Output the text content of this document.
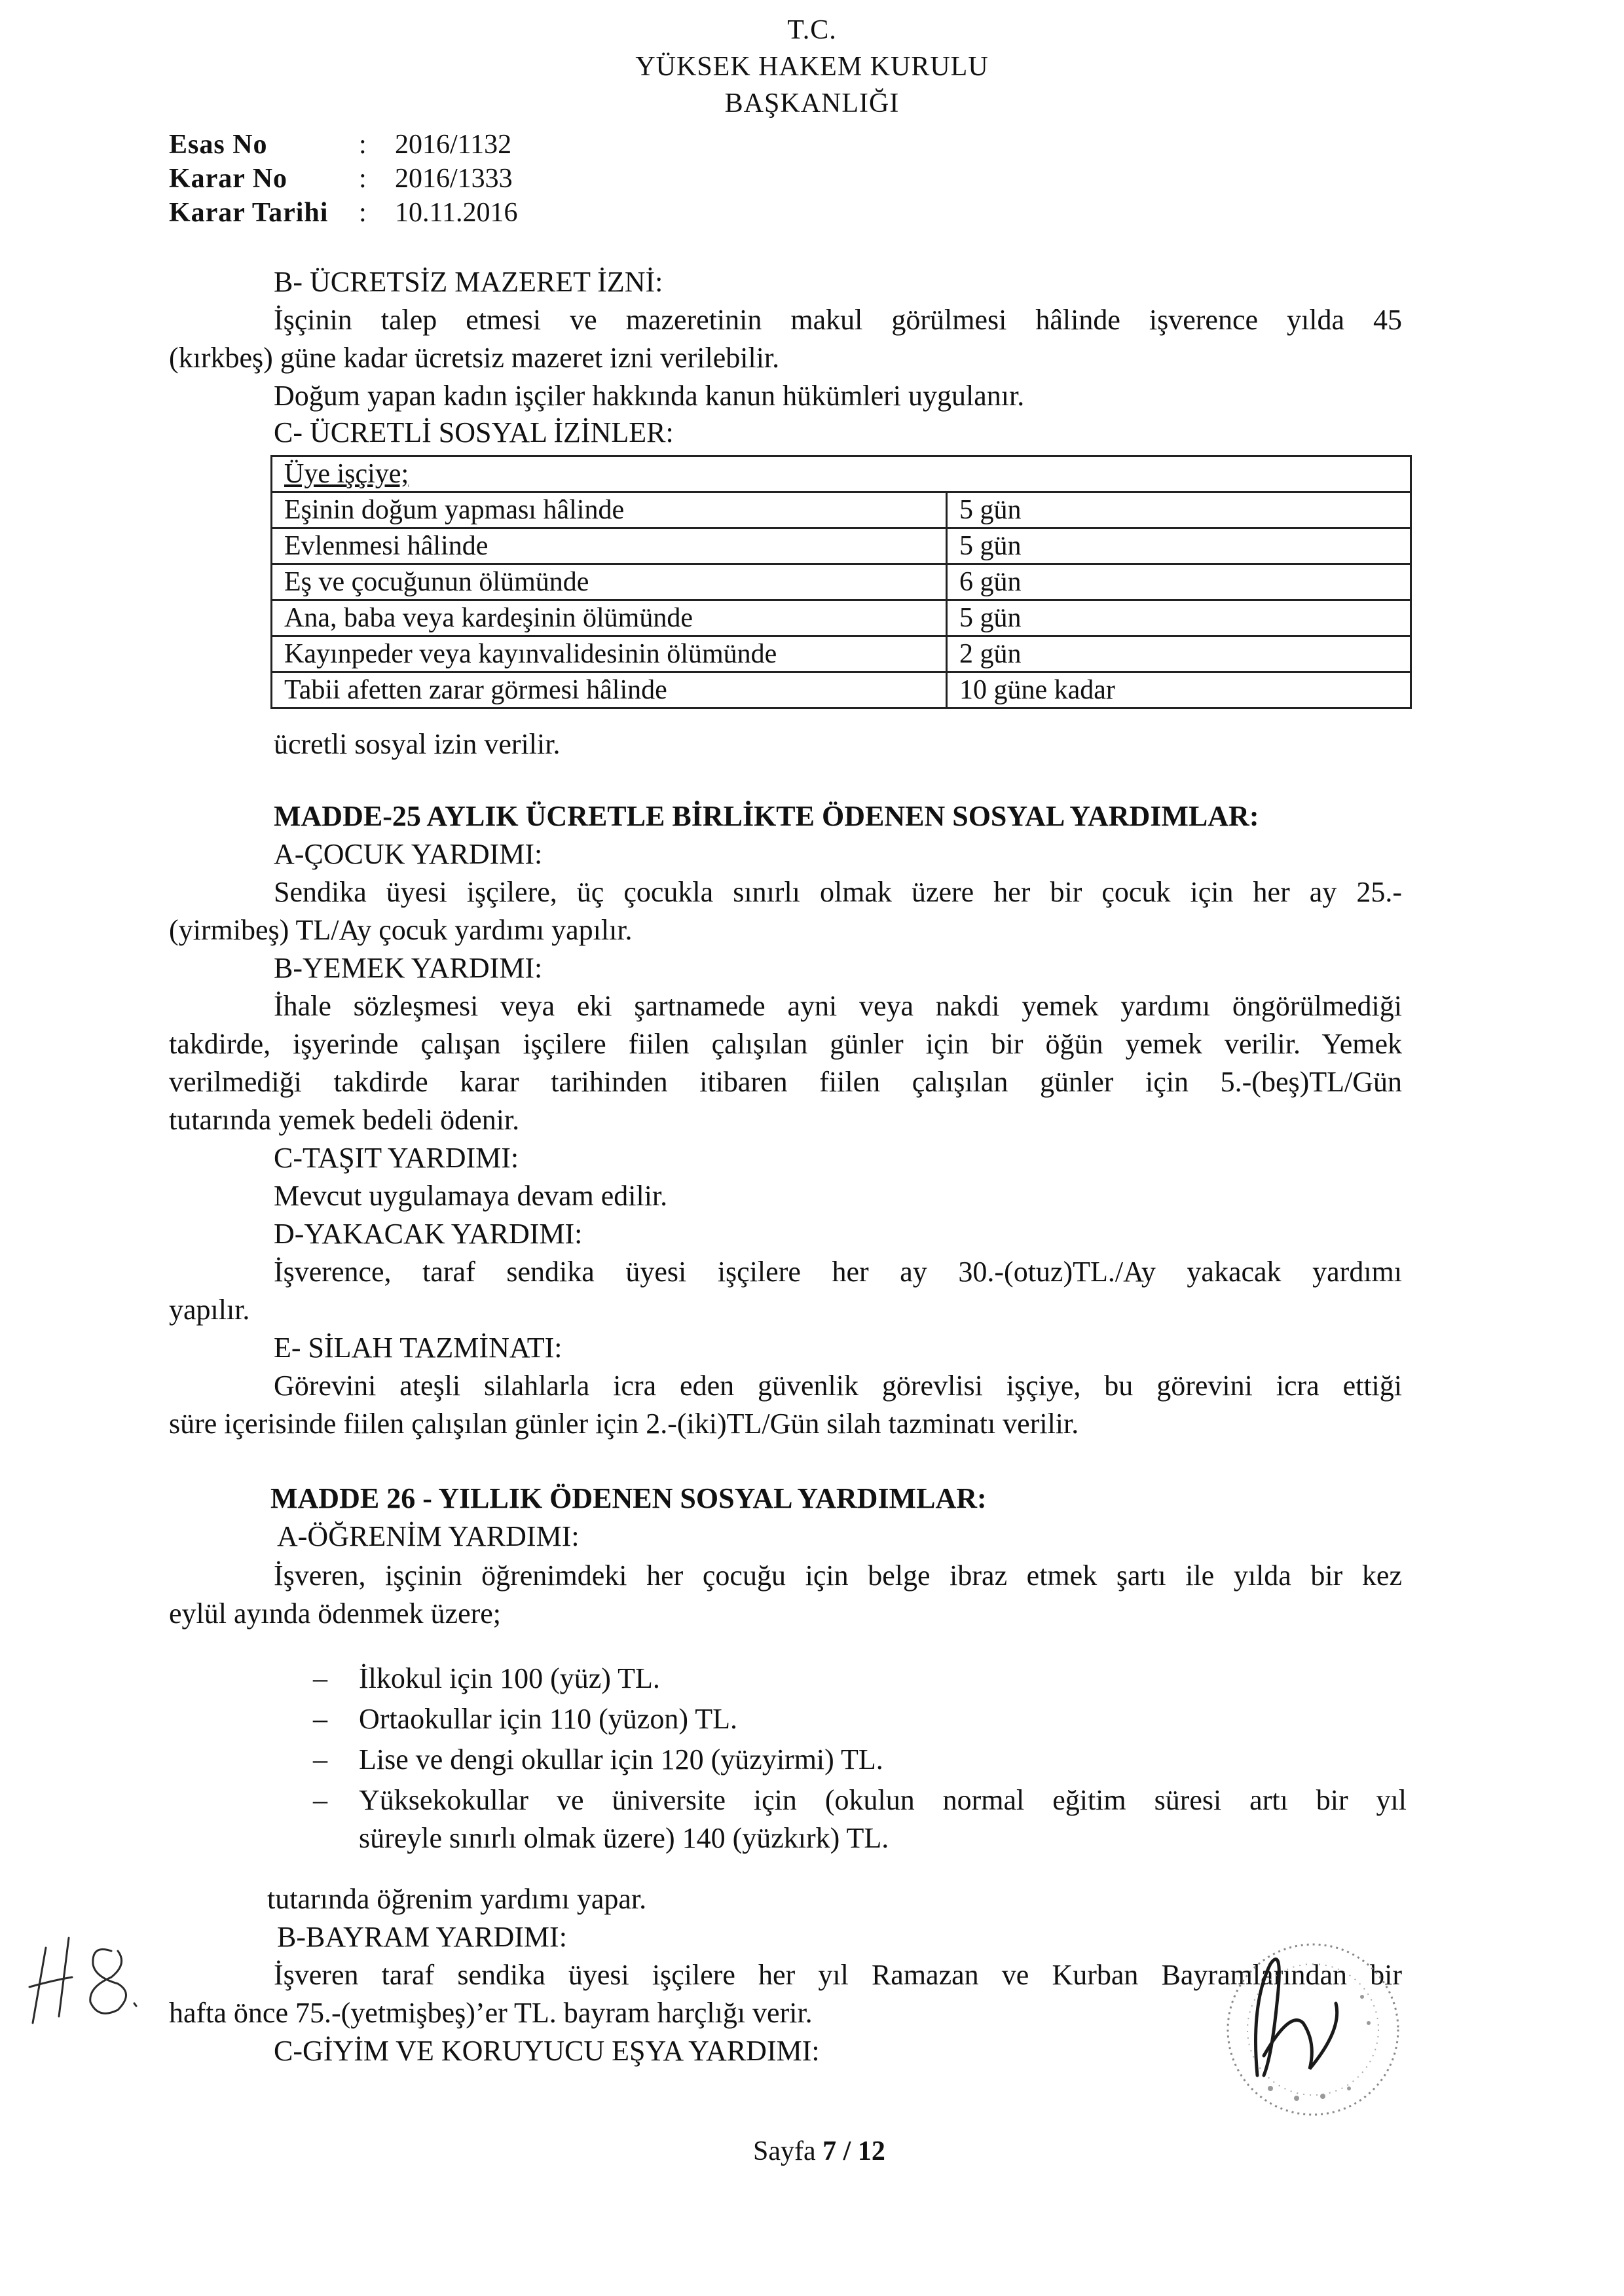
T.C.
YÜKSEK HAKEM KURULU
BAŞKANLIĞI
Esas No	:	2016/1132
Karar No	:	2016/1333
Karar Tarihi	:	10.11.2016
B- ÜCRETSİZ MAZERET İZNİ:
İşçinin talep etmesi ve mazeretinin makul görülmesi hâlinde işverence yılda 45
(kırkbeş) güne kadar ücretsiz mazeret izni verilebilir.
Doğum yapan kadın işçiler hakkında kanun hükümleri uygulanır.
C- ÜCRETLİ SOSYAL İZİNLER:
Üye işçiye;	
Eşinin doğum yapması hâlinde	5 gün
Evlenmesi hâlinde	5 gün
Eş ve çocuğunun ölümünde	6 gün
Ana, baba veya kardeşinin ölümünde	5 gün
Kayınpeder veya kayınvalidesinin ölümünde	2 gün
Tabii afetten zarar görmesi hâlinde	10 güne kadar
ücretli sosyal izin verilir.
MADDE-25 AYLIK ÜCRETLE BİRLİKTE ÖDENEN SOSYAL YARDIMLAR:
A-ÇOCUK YARDIMI:
Sendika üyesi işçilere, üç çocukla sınırlı olmak üzere her bir çocuk için her ay 25.-
(yirmibeş) TL/Ay çocuk yardımı yapılır.
B-YEMEK YARDIMI:
İhale sözleşmesi veya eki şartnamede ayni veya nakdi yemek yardımı öngörülmediği
takdirde, işyerinde çalışan işçilere fiilen çalışılan günler için bir öğün yemek verilir. Yemek
verilmediği takdirde karar tarihinden itibaren fiilen çalışılan günler için 5.-(beş)TL/Gün
tutarında yemek bedeli ödenir.
C-TAŞIT YARDIMI:
Mevcut uygulamaya devam edilir.
D-YAKACAK YARDIMI:
İşverence, taraf sendika üyesi işçilere her ay 30.-(otuz)TL./Ay yakacak yardımı
yapılır.
E- SİLAH TAZMİNATI:
Görevini ateşli silahlarla icra eden güvenlik görevlisi işçiye, bu görevini icra ettiği
süre içerisinde fiilen çalışılan günler için 2.-(iki)TL/Gün silah tazminatı verilir.
MADDE 26 - YILLIK ÖDENEN SOSYAL YARDIMLAR:
A-ÖĞRENİM YARDIMI:
İşveren, işçinin öğrenimdeki her çocuğu için belge ibraz etmek şartı ile yılda bir kez
eylül ayında ödenmek üzere;
–	İlkokul için 100 (yüz) TL.
–	Ortaokullar için 110 (yüzon) TL.
–	Lise ve dengi okullar için 120 (yüzyirmi) TL.
–	Yüksekokullar ve üniversite için (okulun normal eğitim süresi artı bir yıl
süreyle sınırlı olmak üzere) 140 (yüzkırk) TL.
tutarında öğrenim yardımı yapar.
B-BAYRAM YARDIMI:
İşveren taraf sendika üyesi işçilere her yıl Ramazan ve Kurban Bayramlarından bir
hafta önce 75.-(yetmişbeş)’er TL. bayram harçlığı verir.
C-GİYİM VE KORUYUCU EŞYA YARDIMI:
Sayfa 7 / 12
